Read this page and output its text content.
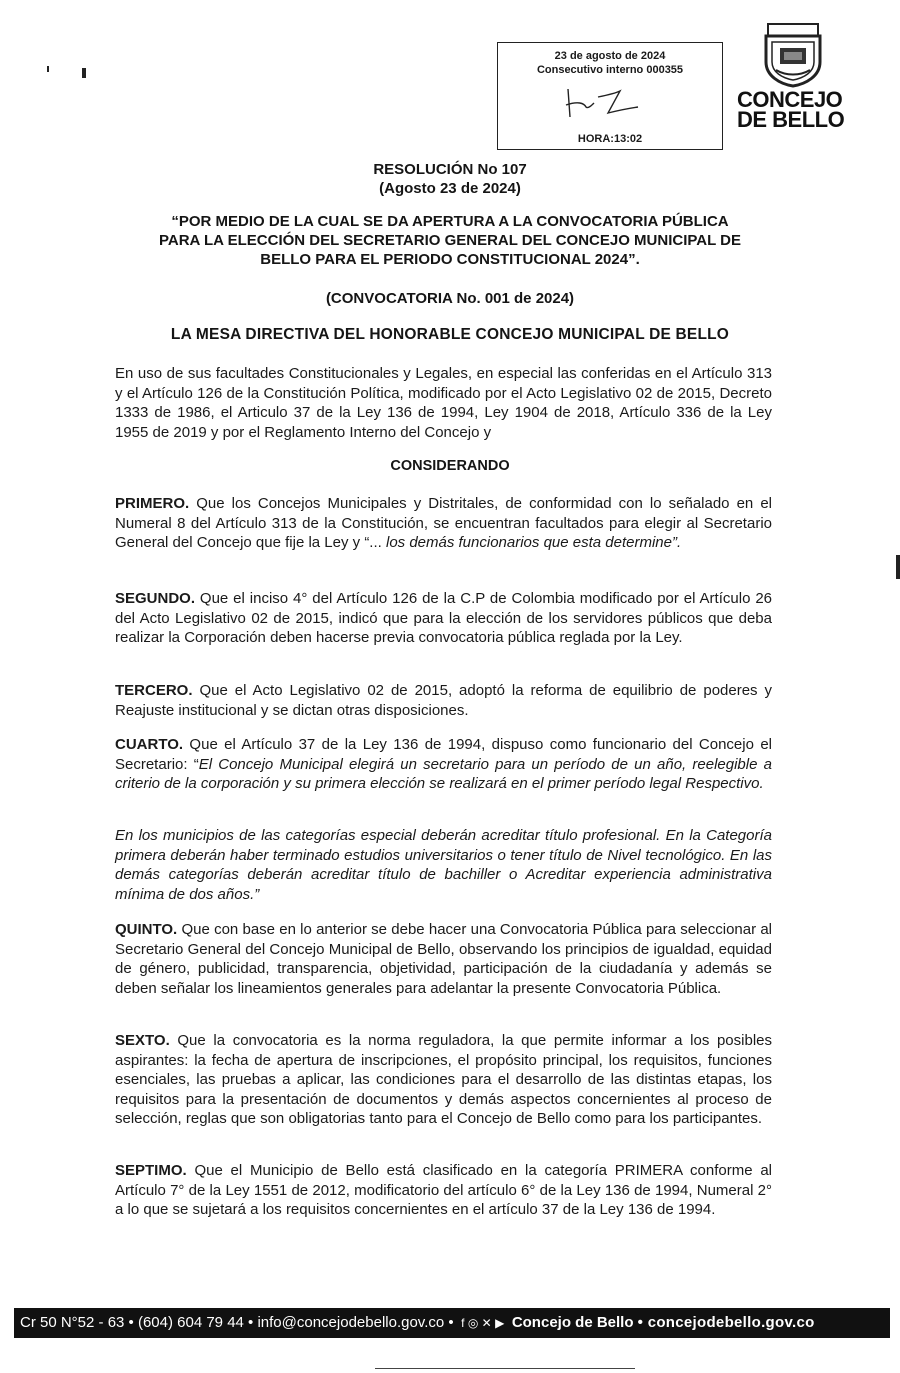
23 de agosto de 2024
Consecutivo interno 000355
HORA:13:02
CONCEJO
DE BELLO
RESOLUCIÓN No 107
(Agosto 23 de 2024)
“POR MEDIO DE LA CUAL SE DA APERTURA A LA CONVOCATORIA PÚBLICA
PARA LA ELECCIÓN DEL SECRETARIO GENERAL DEL CONCEJO MUNICIPAL DE
BELLO PARA EL PERIODO CONSTITUCIONAL 2024”.
(CONVOCATORIA No. 001 de 2024)
LA MESA DIRECTIVA DEL HONORABLE CONCEJO MUNICIPAL DE BELLO
En uso de sus facultades Constitucionales y Legales, en especial las conferidas en el Artículo 313 y el Artículo 126 de la Constitución Política, modificado por el Acto Legislativo 02 de 2015, Decreto 1333 de 1986, el Articulo 37 de la Ley 136 de 1994, Ley 1904 de 2018, Artículo 336 de la Ley 1955 de 2019 y por el Reglamento Interno del Concejo y
CONSIDERANDO
PRIMERO. Que los Concejos Municipales y Distritales, de conformidad con lo señalado en el Numeral 8 del Artículo 313 de la Constitución, se encuentran facultados para elegir al Secretario General del Concejo que fije la Ley y “... los demás funcionarios que esta determine”.
SEGUNDO. Que el inciso 4° del Artículo 126 de la C.P de Colombia modificado por el Artículo 26 del Acto Legislativo 02 de 2015, indicó que para la elección de los servidores públicos que deba realizar la Corporación deben hacerse previa convocatoria pública reglada por la Ley.
TERCERO. Que el Acto Legislativo 02 de 2015, adoptó la reforma de equilibrio de poderes y Reajuste institucional y se dictan otras disposiciones.
CUARTO. Que el Artículo 37 de la Ley 136 de 1994, dispuso como funcionario del Concejo el Secretario: “El Concejo Municipal elegirá un secretario para un período de un año, reelegible a criterio de la corporación y su primera elección se realizará en el primer período legal Respectivo.
En los municipios de las categorías especial deberán acreditar título profesional. En la Categoría primera deberán haber terminado estudios universitarios o tener título de Nivel tecnológico. En las demás categorías deberán acreditar título de bachiller o Acreditar experiencia administrativa mínima de dos años.”
QUINTO. Que con base en lo anterior se debe hacer una Convocatoria Pública para seleccionar al Secretario General del Concejo Municipal de Bello, observando los principios de igualdad, equidad de género, publicidad, transparencia, objetividad, participación de la ciudadanía y además se deben señalar los lineamientos generales para adelantar la presente Convocatoria Pública.
SEXTO. Que la convocatoria es la norma reguladora, la que permite informar a los posibles aspirantes: la fecha de apertura de inscripciones, el propósito principal, los requisitos, funciones esenciales, las pruebas a aplicar, las condiciones para el desarrollo de las distintas etapas, los requisitos para la presentación de documentos y demás aspectos concernientes al proceso de selección, reglas que son obligatorias tanto para el Concejo de Bello como para los participantes.
SEPTIMO. Que el Municipio de Bello está clasificado en la categoría PRIMERA conforme al Artículo 7° de la Ley 1551 de 2012, modificatorio del artículo 6° de la Ley 136 de 1994, Numeral 2° a lo que se sujetará a los requisitos concernientes en el artículo 37 de la Ley 136 de 1994.
Cr 50 N°52 - 63 • (604) 604 79 44 • info@concejodebello.gov.co • f ◎ ✕ ▶ Concejo de Bello • concejodebello.gov.co
